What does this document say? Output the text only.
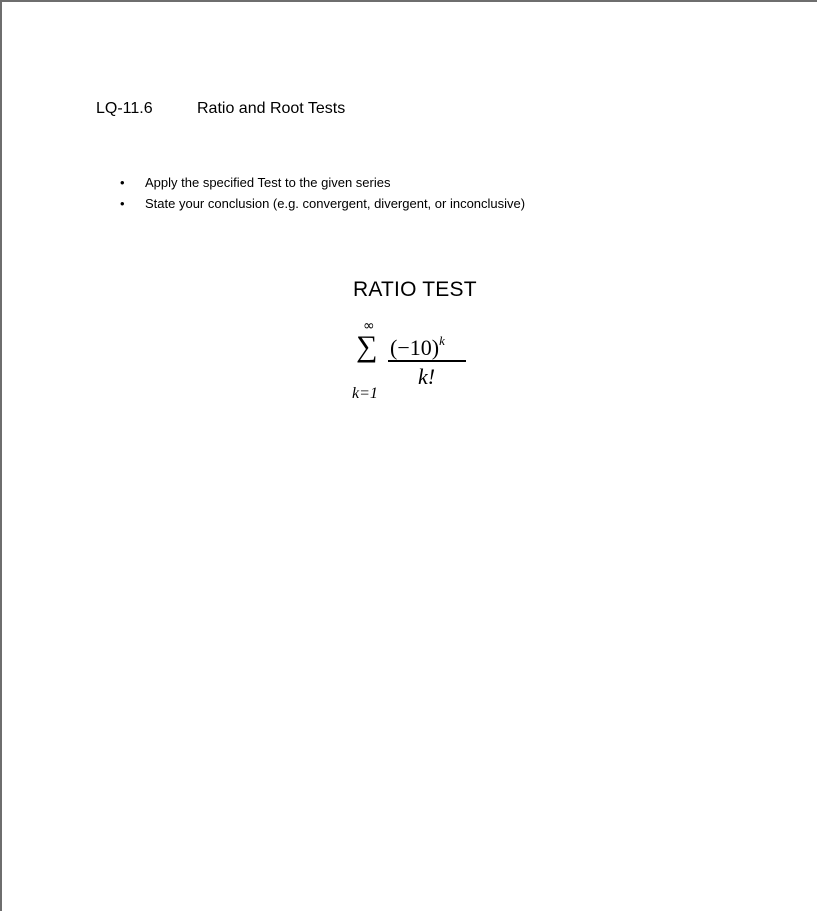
LQ-11.6	Ratio and Root Tests
• Apply the specified Test to the given series
• State your conclusion (e.g. convergent, divergent, or inconclusive)
RATIO TEST
∞
∑
k=1
$(-10)^k$
k!
